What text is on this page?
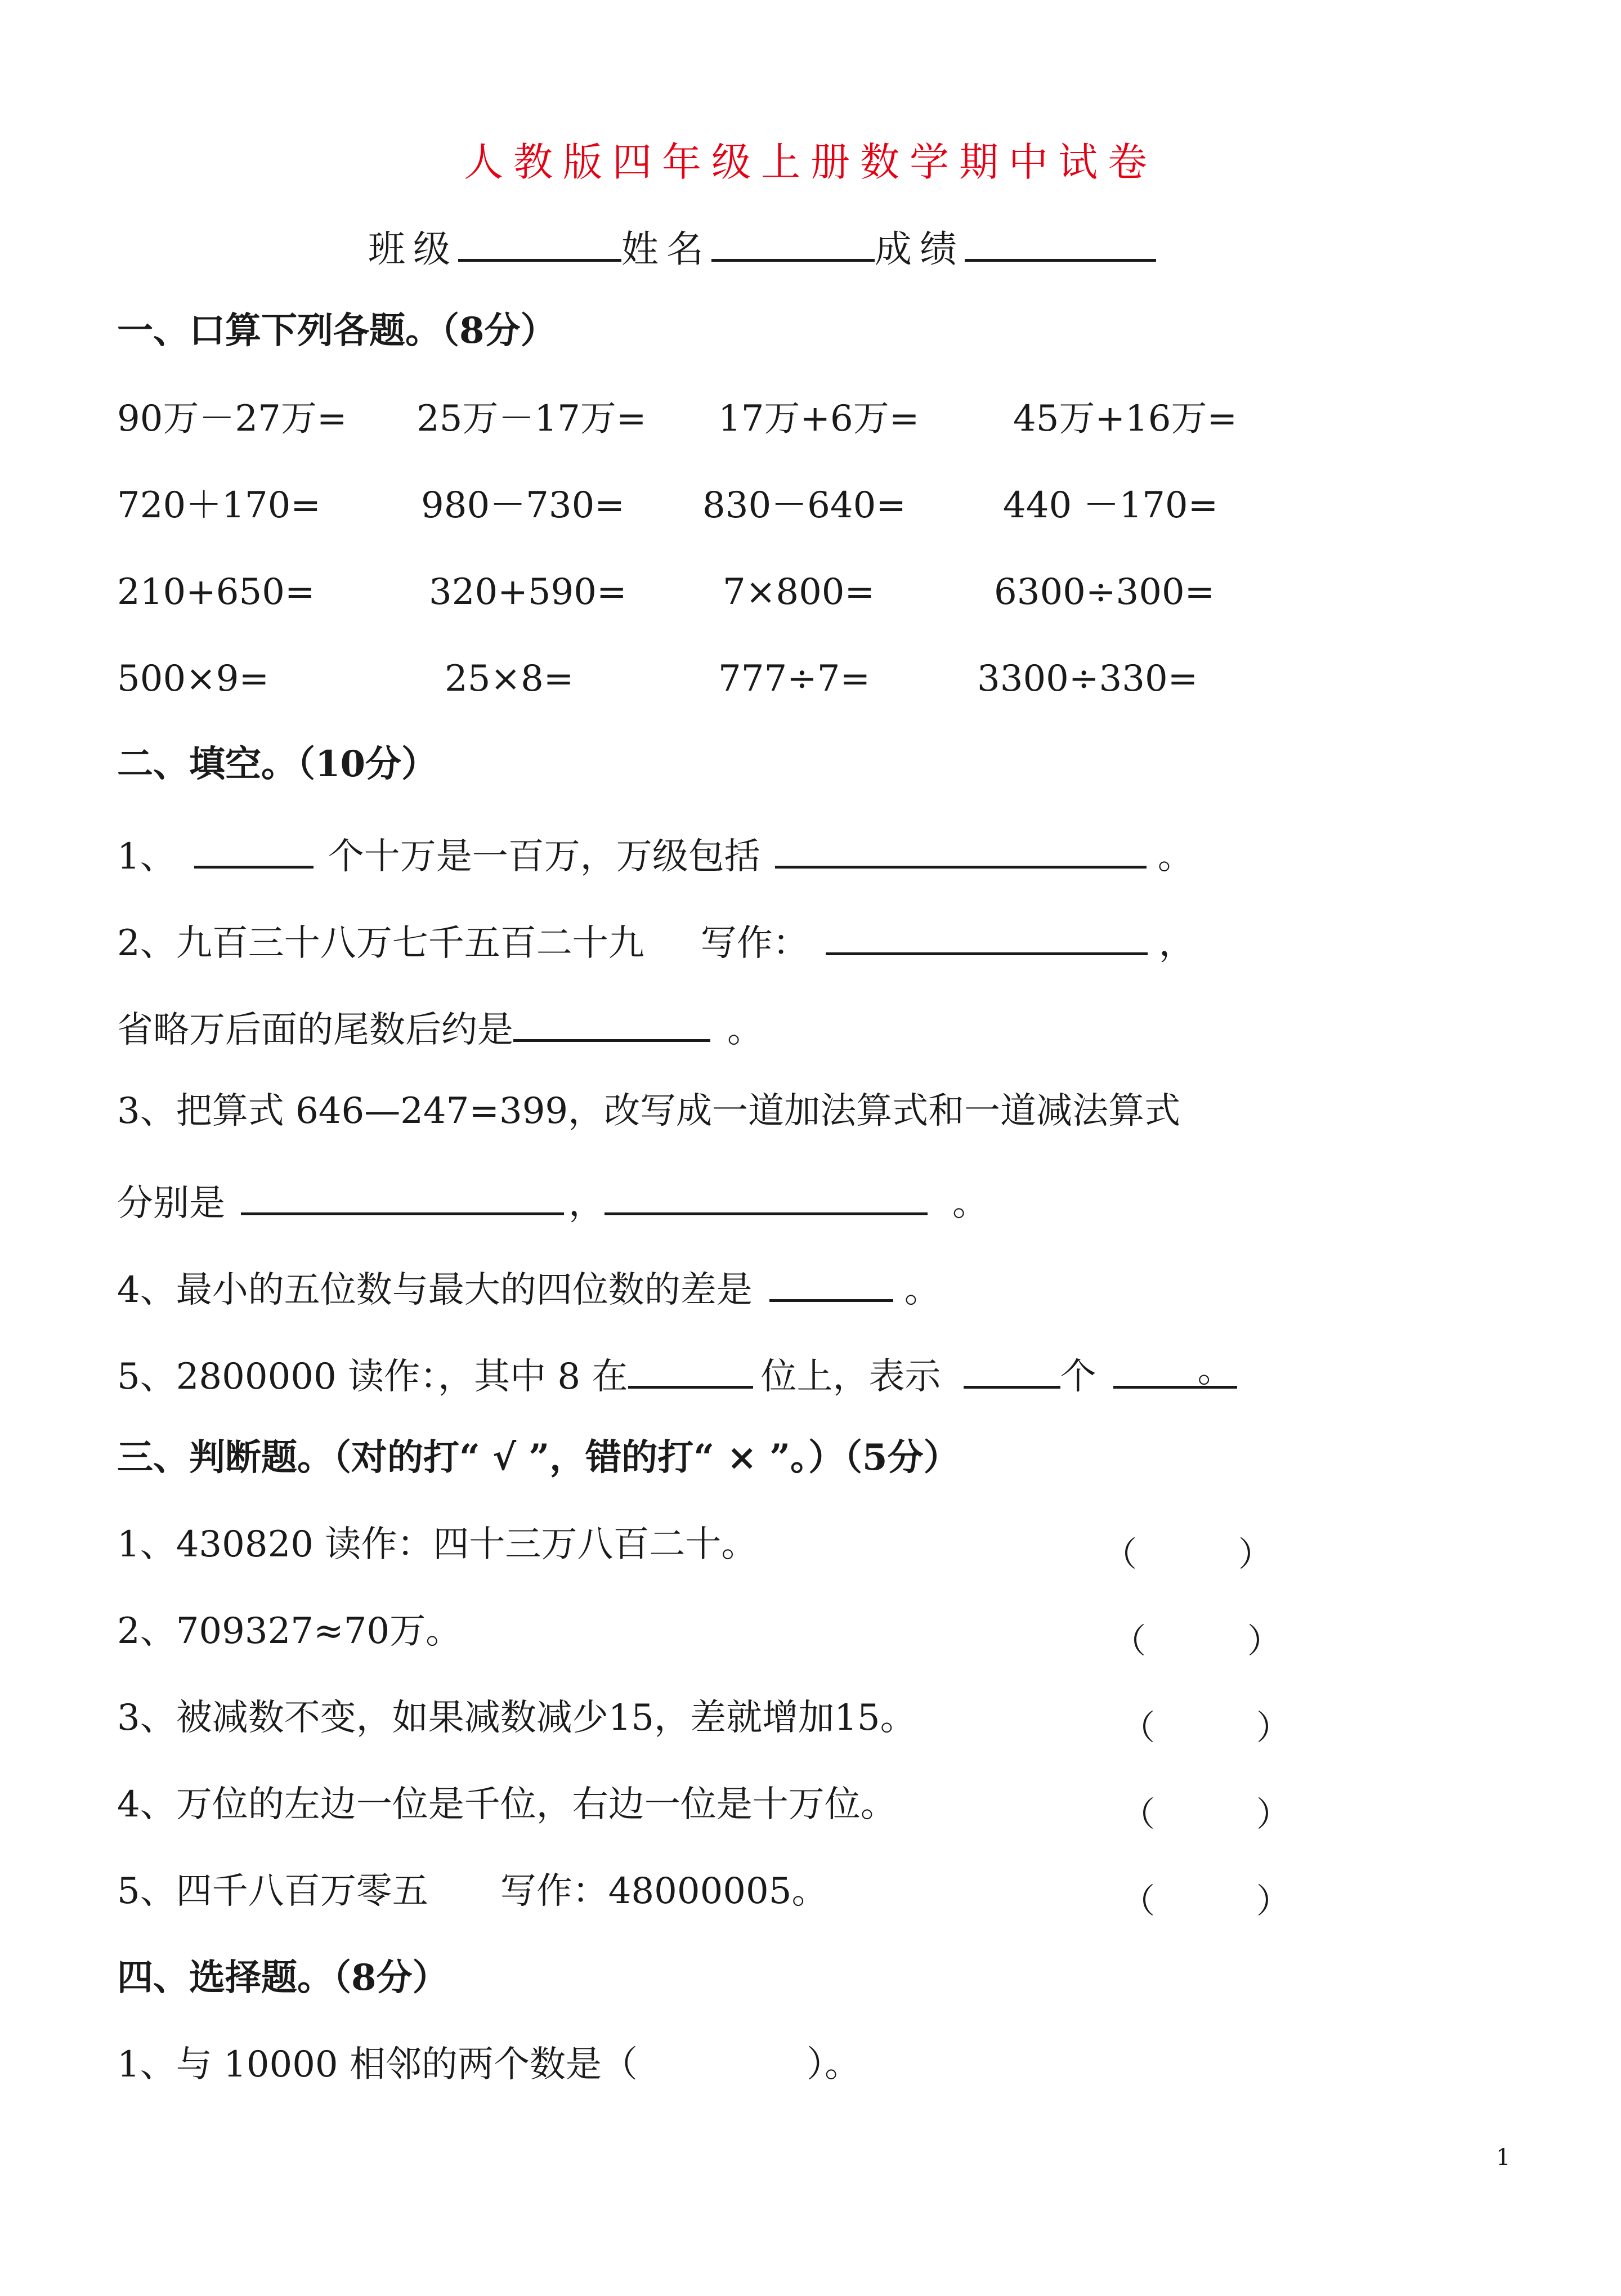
人教版四年级上册数学期中试卷
班级	姓名	成绩
一、口算下列各题。（8分）
90万－27万= 25万－17万= 17万+6万=	45万+16万=
720＋170=	980－730= 830－640=	440 －170=
210+650=	320+590=	7×800=	6300÷300=
500×9=	25×8=	777÷7=	3300÷330=
二、填空。（10分）
1、	个十万是一百万，万级包括	。
2、九百三十八万七千五百二十九 写作：	，
省略万后面的尾数后约是	。
3、把算式 646—247=399，改写成一道加法算式和一道减法算式
分别是	，	。
4、最小的五位数与最大的四位数的差是	。
5、2800000 读作：，其中 8 在	位上，表示	个	。
三、判断题。（对的打“ √ ”，错的打“ × ”。）（5分）
1、430820 读作：四十三万八百二十。	（　　　）
2、709327≈70万。	（　　　）
3、被减数不变，如果减数减少15，差就增加15。	（　　　）
4、万位的左边一位是千位，右边一位是十万位。	（　　　）
5、四千八百万零五　　写作：48000005。	（　　　）
四、选择题。（8分）
1、与 10000 相邻的两个数是（	）。
1
